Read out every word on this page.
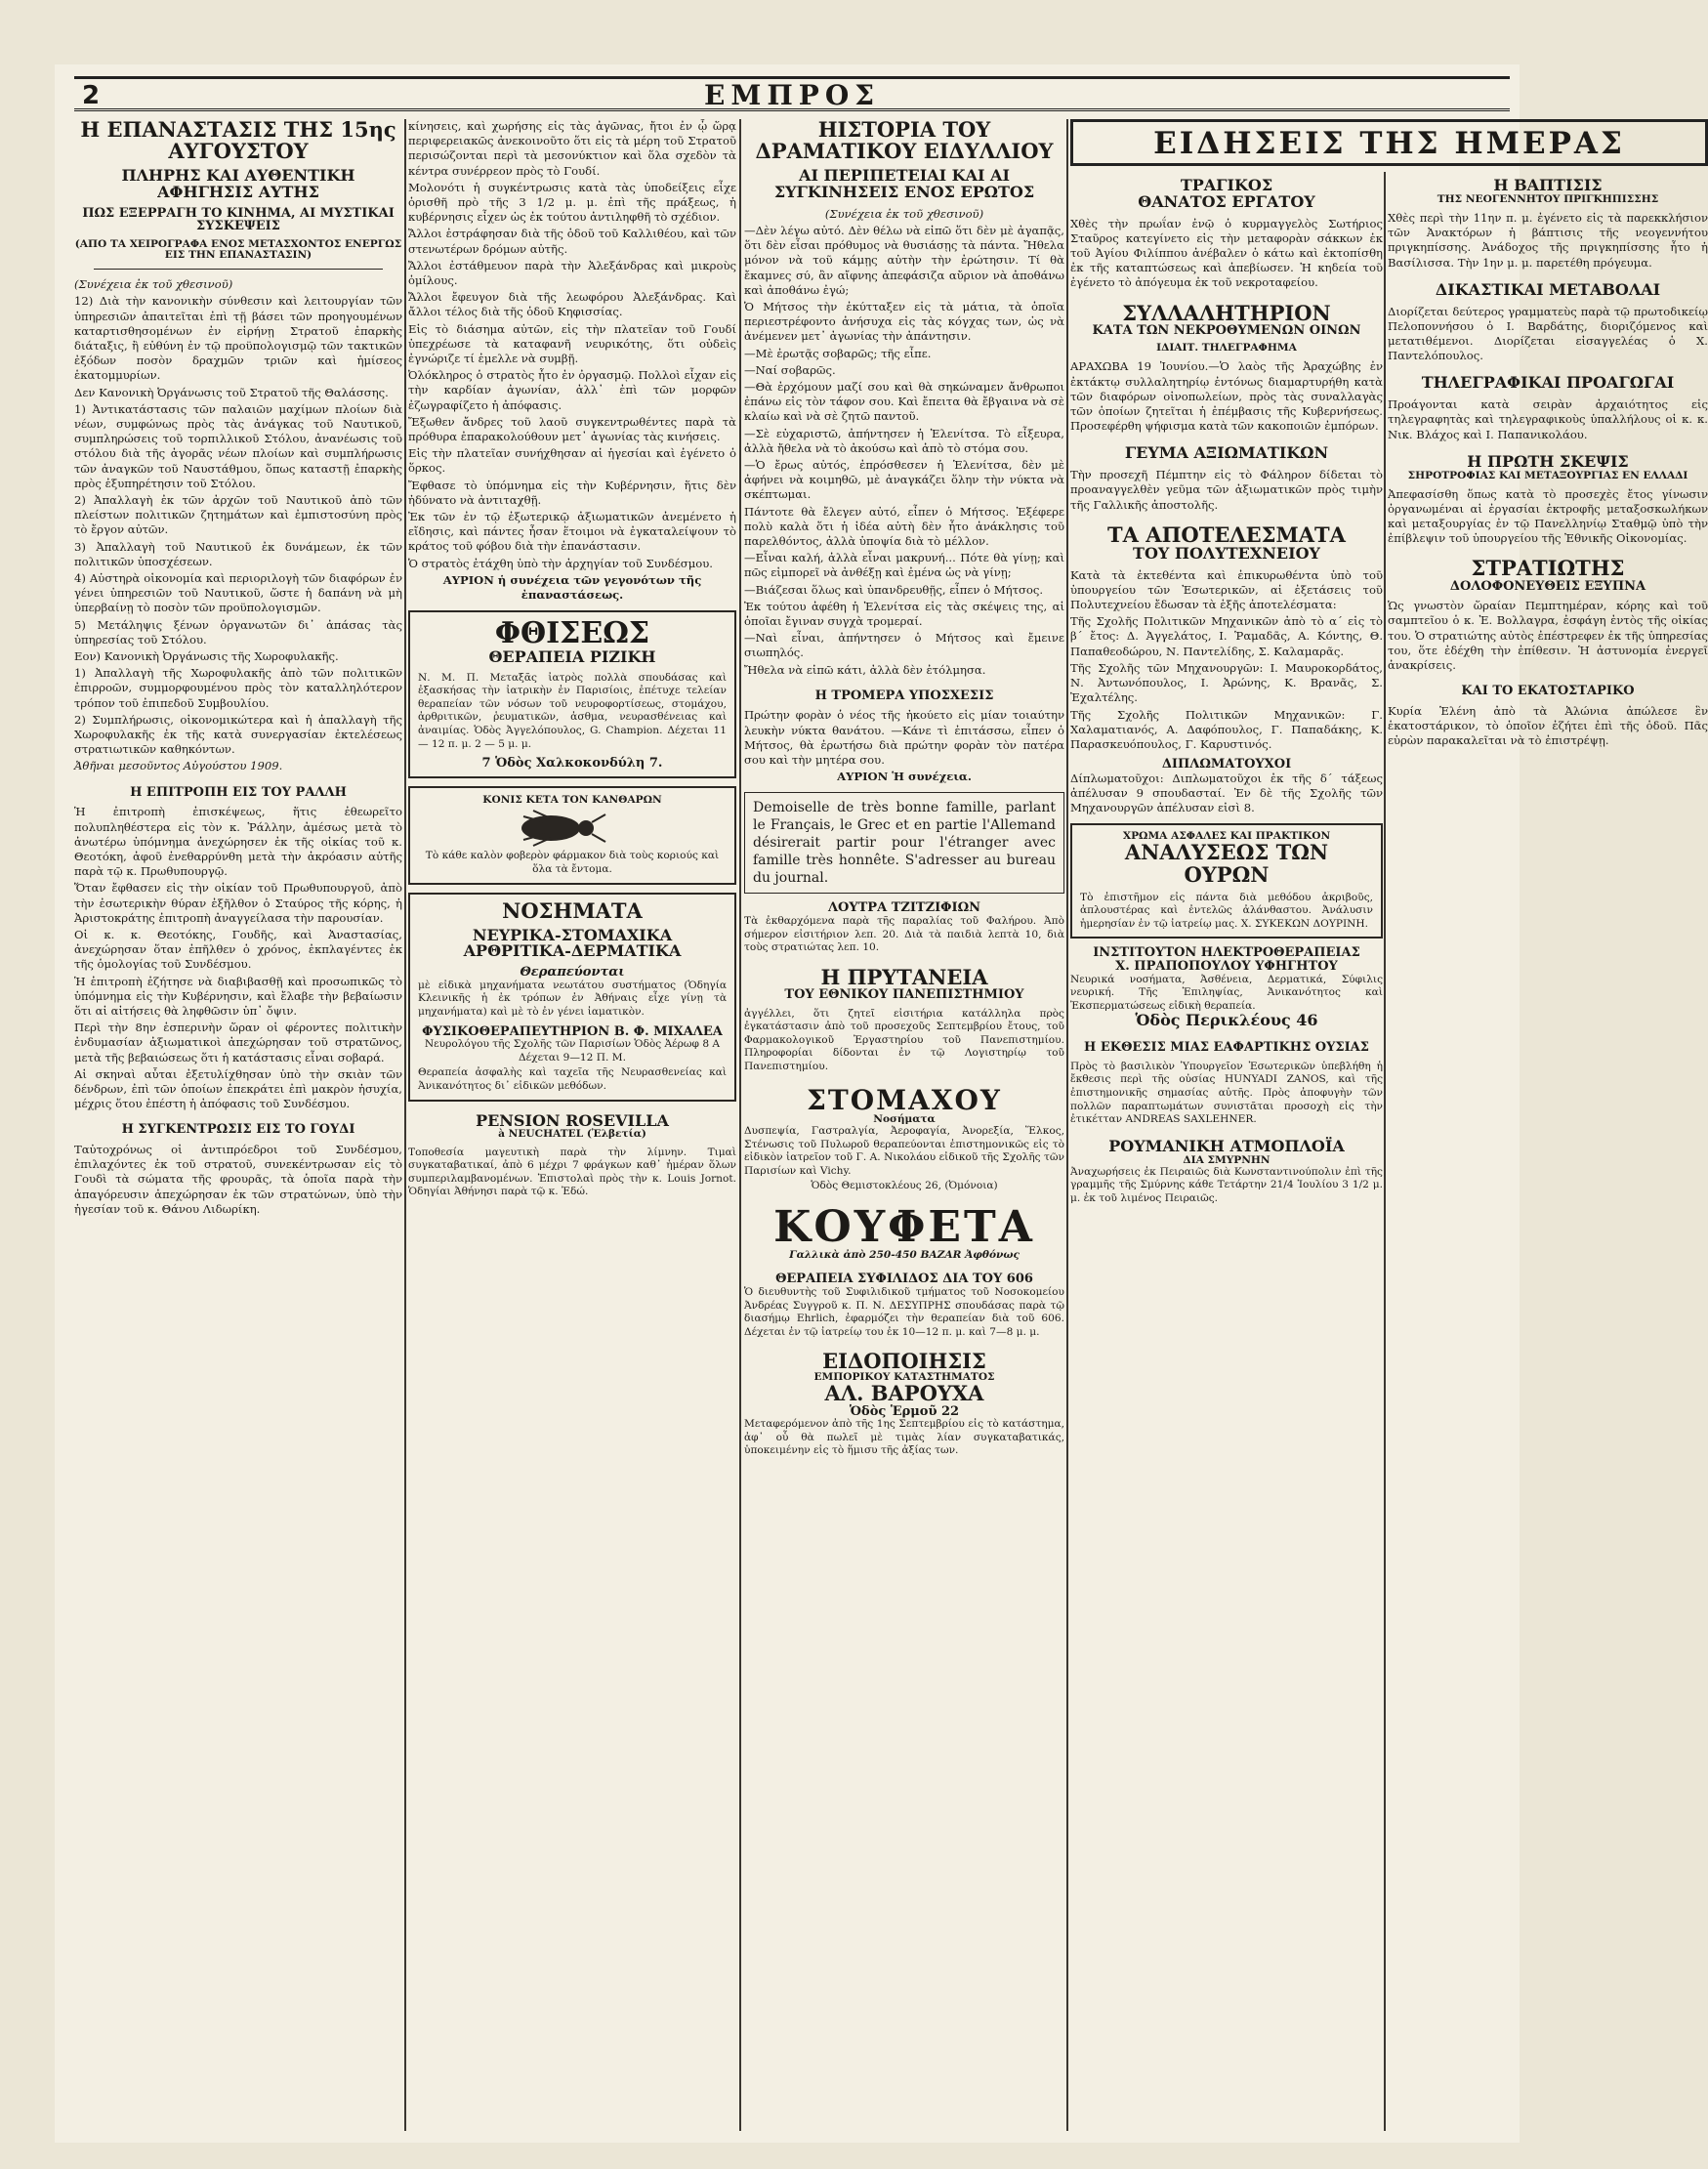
2	ΕΜΠΡΟΣ
Η ΕΠΑΝΑΣΤΑΣΙΣ ΤΗΣ 15ης ΑΥΓΟΥΣΤΟΥ
ΠΛΗΡΗΣ ΚΑΙ ΑΥΘΕΝΤΙΚΗ ΑΦΗΓΗΣΙΣ ΑΥΤΗΣ
ΠΩΣ ΕΞΕΡΡΑΓΗ ΤΟ ΚΙΝΗΜΑ, ΑΙ ΜΥΣΤΙΚΑΙ ΣΥΣΚΕΨΕΙΣ
(ΑΠΟ ΤΑ ΧΕΙΡΟΓΡΑΦΑ ΕΝΟΣ ΜΕΤΑΣΧΟΝΤΟΣ ΕΝΕΡΓΩΣ ΕΙΣ ΤΗΝ ΕΠΑΝΑΣΤΑΣΙΝ)
(Συνέχεια ἐκ τοῦ χθεσινοῦ)
12) Διὰ τὴν κανονικὴν σύνθεσιν καὶ λειτουργίαν τῶν ὑπηρεσιῶν ἀπαιτεῖται ἐπὶ τῇ βάσει τῶν προηγουμένων καταρτισθησομένων ἐν εἰρήνῃ Στρατοῦ ἐπαρκὴς διάταξις, ἢ εὐθύνη ἐν τῷ προϋπολογισμῷ τῶν τακτικῶν ἐξόδων ποσὸν δραχμῶν τριῶν καὶ ἡμίσεος ἑκατομμυρίων.
Δεν Κανονικὴ Ὀργάνωσις τοῦ Στρατοῦ τῆς Θαλάσσης.
1) Ἀντικατάστασις τῶν παλαιῶν μαχίμων πλοίων διὰ νέων, συμφώνως πρὸς τὰς ἀνάγκας τοῦ Ναυτικοῦ, συμπληρώσεις τοῦ τορπιλλικοῦ Στόλου, ἀνανέωσις τοῦ στόλου διὰ τῆς ἀγορᾶς νέων πλοίων καὶ συμπλήρωσις τῶν ἀναγκῶν τοῦ Ναυστάθμου, ὅπως καταστῇ ἐπαρκὴς πρὸς ἐξυπηρέτησιν τοῦ Στόλου.
2) Ἀπαλλαγὴ ἐκ τῶν ἀρχῶν τοῦ Ναυτικοῦ ἀπὸ τῶν πλείστων πολιτικῶν ζητημάτων καὶ ἐμπιστοσύνη πρὸς τὸ ἔργον αὐτῶν.
3) Ἀπαλλαγὴ τοῦ Ναυτικοῦ ἐκ δυνάμεων, ἐκ τῶν πολιτικῶν ὑποσχέσεων.
4) Αὐστηρὰ οἰκονομία καὶ περιοριλογὴ τῶν διαφόρων ἐν γένει ὑπηρεσιῶν τοῦ Ναυτικοῦ, ὥστε ἡ δαπάνη νὰ μὴ ὑπερβαίνῃ τὸ ποσὸν τῶν προϋπολογισμῶν.
5) Μετάληψις ξένων ὀργανωτῶν δι᾽ ἀπάσας τὰς ὑπηρεσίας τοῦ Στόλου.
Εον) Κανονικὴ Ὀργάνωσις τῆς Χωροφυλακῆς.
1) Ἀπαλλαγὴ τῆς Χωροφυλακῆς ἀπὸ τῶν πολιτικῶν ἐπιρροῶν, συμμορφουμένου πρὸς τὸν καταλληλότερον τρόπον τοῦ ἐπιπεδοῦ Συμβουλίου.
2) Συμπλήρωσις, οἰκονομικώτερα καὶ ἡ ἀπαλλαγὴ τῆς Χωροφυλακῆς ἐκ τῆς κατὰ συνεργασίαν ἐκτελέσεως στρατιωτικῶν καθηκόντων.
Ἀθῆναι μεσοῦντος Αὐγούστου 1909.
Η ΕΠΙΤΡΟΠΗ ΕΙΣ ΤΟΥ ΡΑΛΛΗ
Ἡ ἐπιτροπὴ ἐπισκέψεως, ἥτις ἐθεωρεῖτο πολυπληθέστερα εἰς τὸν κ. Ῥάλλην, ἀμέσως μετὰ τὸ ἀνωτέρω ὑπόμνημα ἀνεχώρησεν ἐκ τῆς οἰκίας τοῦ κ. Θεοτόκη, ἀφοῦ ἐνεθαρρύνθη μετὰ τὴν ἀκρόασιν αὐτῆς παρὰ τῷ κ. Πρωθυπουργῷ.
Ὅταν ἔφθασεν εἰς τὴν οἰκίαν τοῦ Πρωθυπουργοῦ, ἀπὸ τὴν ἐσωτερικὴν θύραν ἐξῆλθον ὁ Σταύρος τῆς κόρης, ἡ Ἀριστοκράτης ἐπιτροπὴ ἀναγγείλασα τὴν παρουσίαν.
Οἱ κ. κ. Θεοτόκης, Γουδῆς, καὶ Ἀναστασίας, ἀνεχώρησαν ὅταν ἐπῆλθεν ὁ χρόνος, ἐκπλαγέντες ἐκ τῆς ὁμολογίας τοῦ Συνδέσμου.
Ἡ ἐπιτροπὴ ἐζήτησε νὰ διαβιβασθῇ καὶ προσωπικῶς τὸ ὑπόμνημα εἰς τὴν Κυβέρνησιν, καὶ ἔλαβε τὴν βεβαίωσιν ὅτι αἱ αἰτήσεις θὰ ληφθῶσιν ὑπ᾽ ὄψιν.
Περὶ τὴν 8ην ἑσπερινὴν ὥραν οἱ φέροντες πολιτικὴν ἐνδυμασίαν ἀξιωματικοὶ ἀπεχώρησαν τοῦ στρατῶνος, μετὰ τῆς βεβαιώσεως ὅτι ἡ κατάστασις εἶναι σοβαρά.
Αἱ σκηναὶ αὗται ἐξετυλίχθησαν ὑπὸ τὴν σκιὰν τῶν δένδρων, ἐπὶ τῶν ὁποίων ἐπεκράτει ἐπὶ μακρὸν ἡσυχία, μέχρις ὅτου ἐπέστη ἡ ἀπόφασις τοῦ Συνδέσμου.
Η ΣΥΓΚΕΝΤΡΩΣΙΣ ΕΙΣ ΤΟ ΓΟΥΔΙ
Ταὐτοχρόνως οἱ ἀντιπρόεδροι τοῦ Συνδέσμου, ἐπιλαχόντες ἐκ τοῦ στρατοῦ, συνεκέντρωσαν εἰς τὸ Γουδὶ τὰ σώματα τῆς φρουρᾶς, τὰ ὁποῖα παρὰ τὴν ἀπαγόρευσιν ἀπεχώρησαν ἐκ τῶν στρατώνων, ὑπὸ τὴν ἡγεσίαν τοῦ κ. Θάνου Λιδωρίκη.
κίνησεις, καὶ χωρήσης εἰς τὰς ἀγῶνας, ἤτοι ἐν ᾧ ὥρᾳ περιφερειακῶς ἀνεκοινοῦτο ὅτι εἰς τὰ μέρη τοῦ Στρατοῦ περισώζονται περὶ τὰ μεσονύκτιον καὶ ὅλα σχεδὸν τὰ κέντρα συνέρρεον πρὸς τὸ Γουδί.
Μολονότι ἡ συγκέντρωσις κατὰ τὰς ὑποδείξεις εἶχε ὁρισθῆ πρὸ τῆς 3 1/2 μ. μ. ἐπὶ τῆς πράξεως, ἡ κυβέρνησις εἶχεν ὡς ἐκ τούτου ἀντιληφθῆ τὸ σχέδιον.
Ἄλλοι ἐστράφησαν διὰ τῆς ὁδοῦ τοῦ Καλλιθέου, καὶ τῶν στενωτέρων δρόμων αὐτῆς.
Ἄλλοι ἐστάθμευον παρὰ τὴν Ἀλεξάνδρας καὶ μικροὺς ὁμίλους.
Ἄλλοι ἔφευγον διὰ τῆς λεωφόρου Ἀλεξάνδρας. Καὶ ἄλλοι τέλος διὰ τῆς ὁδοῦ Κηφισσίας.
Εἰς τὸ διάσημα αὐτῶν, εἰς τὴν πλατεῖαν τοῦ Γουδί ὑπεχρέωσε τὰ καταφανῆ νευρικότης, ὅτι οὐδεὶς ἐγνώριζε τί ἐμελλε νὰ συμβῇ.
Ὀλόκληρος ὁ στρατὸς ἦτο ἐν ὀργασμῷ. Πολλοὶ εἶχαν εἰς τὴν καρδίαν ἀγωνίαν, ἀλλ᾽ ἐπὶ τῶν μορφῶν ἐζωγραφίζετο ἡ ἀπόφασις.
Ἔξωθεν ἄνδρες τοῦ λαοῦ συγκεντρωθέντες παρὰ τὰ πρόθυρα ἐπαρακολούθουν μετ᾽ ἀγωνίας τὰς κινήσεις.
Εἰς τὴν πλατεῖαν συνήχθησαν αἱ ἡγεσίαι καὶ ἐγένετο ὁ ὅρκος.
Ἔφθασε τὸ ὑπόμνημα εἰς τὴν Κυβέρνησιν, ἥτις δὲν ἠδύνατο νὰ ἀντιταχθῇ.
Ἐκ τῶν ἐν τῷ ἐξωτερικῷ ἀξιωματικῶν ἀνεμένετο ἡ εἴδησις, καὶ πάντες ἦσαν ἕτοιμοι νὰ ἐγκαταλείψουν τὸ κράτος τοῦ φόβου διὰ τὴν ἐπανάστασιν.
Ὁ στρατὸς ἐτάχθη ὑπὸ τὴν ἀρχηγίαν τοῦ Συνδέσμου.
ΑΥΡΙΟΝ ἡ συνέχεια τῶν γεγονότων τῆς ἐπαναστάσεως.
ΦΘΙΣΕΩΣ
ΘΕΡΑΠΕΙΑ ΡΙΖΙΚΗ
Ν. Μ. Π. Μεταξᾶς ἰατρὸς πολλὰ σπουδάσας καὶ ἐξασκήσας τὴν ἰατρικὴν ἐν Παρισίοις, ἐπέτυχε τελείαν θεραπείαν τῶν νόσων τοῦ νευροφορτίσεως, στομάχου, ἀρθριτικῶν, ῥευματικῶν, ἀσθμα, νευρασθένειας καὶ ἀναιμίας. Ὁδὸς Ἀγγελόπουλος, G. Champion. Δέχεται 11 — 12 π. μ. 2 — 5 μ. μ.
7 Ὁδὸς Χαλκοκονδύλη 7.
ΚΟΝΙΣ ΚΕΤΑ ΤΟΝ ΚΑΝΘΑΡΩΝ
Τὸ κάθε καλὸν φοβερὸν φάρμακον διὰ τοὺς κοριούς καὶ ὅλα τὰ ἔντομα.
ΝΟΣΗΜΑΤΑ
ΝΕΥΡΙΚΑ-ΣΤΟΜΑΧΙΚΑ
ΑΡΘΡΙΤΙΚΑ-ΔΕΡΜΑΤΙΚΑ
Θεραπεύονται
μὲ εἰδικὰ μηχανήματα νεωτάτου συστήματος (Ὁδηγία Κλεινικῆς ἡ ἐκ τρόπων ἐν Ἀθήναις εἶχε γίνῃ τὰ μηχανήματα) καὶ μὲ τὸ ἐν γένει ἰαματικὸν.
ΦΥΣΙΚΟΘΕΡΑΠΕΥΤΗΡΙΟΝ Β. Φ. ΜΙΧΑΛΕΑ
Νευρολόγου τῆς Σχολῆς τῶν Παρισίων Ὁδὸς Ἀέρωφ 8 Α Δέχεται 9—12 Π. Μ.
Θεραπεία ἀσφαλὴς καὶ ταχεῖα τῆς Νευρασθενείας καὶ Ἀνικανότητος δι᾽ εἰδικῶν μεθόδων.
PENSION ROSEVILLA
à NEUCHATEL (Ἐλβετία)
Τοποθεσία μαγευτικὴ παρὰ τὴν λίμνην. Τιμαὶ συγκαταβατικαί, ἀπὸ 6 μέχρι 7 φράγκων καθ᾽ ἡμέραν ὅλων συμπεριλαμβανομένων. Ἐπιστολαὶ πρὸς τὴν κ. Louis Jornot. Ὁδηγίαι Ἀθήνησι παρὰ τῷ κ. Ἐδώ.
ΗΙΣΤΟΡΙΑ ΤΟΥ ΔΡΑΜΑΤΙΚΟΥ ΕΙΔΥΛΛΙΟΥ
ΑΙ ΠΕΡΙΠΕΤΕΙΑΙ ΚΑΙ ΑΙ ΣΥΓΚΙΝΗΣΕΙΣ ΕΝΟΣ ΕΡΩΤΟΣ
(Συνέχεια ἐκ τοῦ χθεσινοῦ)
—Δὲν λέγω αὐτό. Δὲν θέλω νὰ εἰπῶ ὅτι δὲν μὲ ἀγαπᾷς, ὅτι δὲν εἶσαι πρόθυμος νὰ θυσιάσῃς τὰ πάντα. Ἤθελα μόνον νὰ τοῦ κάμῃς αὐτὴν τὴν ἐρώτησιν. Τί θὰ ἔκαμνες σύ, ἂν αἴφνης ἀπεφάσιζα αὔριον νὰ ἀποθάνω καὶ ἀποθάνω ἐγώ;
Ὁ Μήτσος τὴν ἐκύτταξεν εἰς τὰ μάτια, τὰ ὁποῖα περιεστρέφοντο ἀνήσυχα εἰς τὰς κόγχας των, ὡς νὰ ἀνέμενεν μετ᾽ ἀγωνίας τὴν ἀπάντησιν.
—Μὲ ἐρωτᾷς σοβαρῶς; τῆς εἶπε.
—Ναί σοβαρῶς.
—Θὰ ἐρχόμουν μαζί σου καὶ θὰ σηκώναμεν ἄνθρωποι ἐπάνω εἰς τὸν τάφον σου. Καὶ ἔπειτα θὰ ἔβγαινα νὰ σὲ κλαίω καὶ νὰ σὲ ζητῶ παντοῦ.
—Σὲ εὐχαριστῶ, ἀπήντησεν ἡ Ἑλενίτσα. Τὸ εἶξευρα, ἀλλὰ ἤθελα νὰ τὸ ἀκούσω καὶ ἀπὸ τὸ στόμα σου.
—Ὁ ἔρως αὐτός, ἐπρόσθεσεν ἡ Ἑλενίτσα, δὲν μὲ ἀφήνει νὰ κοιμηθῶ, μὲ ἀναγκάζει ὅλην τὴν νύκτα νὰ σκέπτωμαι.
Πάντοτε θὰ ἔλεγεν αὐτό, εἶπεν ὁ Μήτσος. Ἐξέφερε πολὺ καλὰ ὅτι ἡ ἰδέα αὐτὴ δὲν ἦτο ἀνάκλησις τοῦ παρελθόντος, ἀλλὰ ὑποψία διὰ τὸ μέλλον.
—Εἶναι καλή, ἀλλὰ εἶναι μακρυνή... Πότε θὰ γίνῃ; καὶ πῶς εἰμπορεῖ νὰ ἀνθέξῃ καὶ ἐμένα ὡς νὰ γίνῃ;
—Βιάζεσαι ὅλως καὶ ὑπανδρευθῇς, εἶπεν ὁ Μήτσος.
Ἐκ τούτου ἀφέθη ἡ Ἑλενίτσα εἰς τὰς σκέψεις της, αἱ ὁποῖαι ἔγιναν συγχὰ τρομεραί.
—Ναὶ εἶναι, ἀπήντησεν ὁ Μήτσος καὶ ἔμεινε σιωπηλός.
Ἤθελα νὰ εἰπῶ κάτι, ἀλλὰ δὲν ἐτόλμησα.
Η ΤΡΟΜΕΡΑ ΥΠΟΣΧΕΣΙΣ
Πρώτην φορὰν ὁ νέος τῆς ἠκούετο εἰς μίαν τοιαύτην λευκὴν νύκτα θανάτου. —Κάνε τὶ ἐπιτάσσω, εἶπεν ὁ Μήτσος, θὰ ἐρωτήσω διὰ πρώτην φορὰν τὸν πατέρα σου καὶ τὴν μητέρα σου.
ΑΥΡΙΟΝ Ἡ συνέχεια.
Demoiselle de très bonne famille, parlant le Français, le Grec et en partie l'Allemand désirerait partir pour l'étranger avec famille très honnête. S'adresser au bureau du journal.
ΛΟΥΤΡΑ ΤΖΙΤΖΙΦΙΩΝ
Τὰ ἐκθαρχόμενα παρὰ τῆς παραλίας τοῦ Φαλήρου. Ἀπὸ σήμερον εἰσιτήριον λεπ. 20. Διὰ τὰ παιδιὰ λεπτὰ 10, διὰ τοὺς στρατιώτας λεπ. 10.
Η ΠΡΥΤΑΝΕΙΑ
ΤΟΥ ΕΘΝΙΚΟΥ ΠΑΝΕΠΙΣΤΗΜΙΟΥ
ἀγγέλλει, ὅτι ζητεῖ εἰσιτήρια κατάλληλα πρὸς ἐγκατάστασιν ἀπὸ τοῦ προσεχοῦς Σεπτεμβρίου ἔτους, τοῦ Φαρμακολογικοῦ Ἐργαστηρίου τοῦ Πανεπιστημίου. Πληροφορίαι δίδονται ἐν τῷ Λογιστηρίῳ τοῦ Πανεπιστημίου.
ΣΤΟΜΑΧΟΥ
Νοσήματα
Δυσπεψία, Γαστραλγία, Ἀεροφαγία, Ἀνορεξία, Ἕλκος, Στένωσις τοῦ Πυλωροῦ θεραπεύονται ἐπιστημονικῶς εἰς τὸ εἰδικὸν ἰατρεῖον τοῦ Γ. Α. Νικολάου εἰδικοῦ τῆς Σχολῆς τῶν Παρισίων καὶ Vichy.
Ὁδὸς Θεμιστοκλέους 26, (Ὀμόνοια)
ΚΟΥΦΕΤΑ
Γαλλικὰ ἀπὸ 250-450 BAZAR Ἀφθόνως
ΘΕΡΑΠΕΙΑ ΣΥΦΙΛΙΔΟΣ ΔΙΑ ΤΟΥ 606
Ὁ διευθυντὴς τοῦ Συφιλιδικοῦ τμήματος τοῦ Νοσοκομείου Ἀνδρέας Συγγροῦ κ. Π. Ν. ΔΕΣΥΠΡΗΣ σπουδάσας παρὰ τῷ διασήμῳ Ehrlich, ἐφαρμόζει τὴν θεραπείαν διὰ τοῦ 606. Δέχεται ἐν τῷ ἰατρείῳ του ἐκ 10—12 π. μ. καὶ 7—8 μ. μ.
ΕΙΔΟΠΟΙΗΣΙΣ
ΕΜΠΟΡΙΚΟΥ ΚΑΤΑΣΤΗΜΑΤΟΣ
ΑΛ. ΒΑΡΟΥΧΑ
Ὁδὸς Ἑρμοῦ 22
Μεταφερόμενον ἀπὸ τῆς 1ης Σεπτεμβρίου εἰς τὸ κατάστημα, ἀφ᾽ οὗ θὰ πωλεῖ μὲ τιμὰς λίαν συγκαταβατικάς, ὑποκειμένην εἰς τὸ ἥμισυ τῆς ἀξίας των.
ΕΙΔΗΣΕΙΣ ΤΗΣ ΗΜΕΡΑΣ
ΤΡΑΓΙΚΟΣ
ΘΑΝΑΤΟΣ ΕΡΓΑΤΟΥ
Χθὲς τὴν πρωΐαν ἐνῷ ὁ κυρμαγγελὸς Σωτήριος Σταῦρος κατεγίνετο εἰς τὴν μεταφορὰν σάκκων ἐκ τοῦ Ἀγίου Φιλίππου ἀνέβαλεν ὁ κάτω καὶ ἐκτοπίσθη ἐκ τῆς καταπτώσεως καὶ ἀπεβίωσεν. Ἡ κηδεία τοῦ ἐγένετο τὸ ἀπόγευμα ἐκ τοῦ νεκροταφείου.
ΣΥΛΛΑΛΗΤΗΡΙΟΝ
ΚΑΤΑ ΤΩΝ ΝΕΚΡΟΘΥΜΕΝΩΝ ΟΙΝΩΝ
ΙΔΙΑΙΤ. ΤΗΛΕΓΡΑΦΗΜΑ
ΑΡΑΧΩΒΑ 19 Ἰουνίου.—Ὁ λαὸς τῆς Ἀραχώβης ἐν ἐκτάκτῳ συλλαλητηρίῳ ἐντόνως διαμαρτυρήθη κατὰ τῶν διαφόρων οἰνοπωλείων, πρὸς τὰς συναλλαγὰς τῶν ὁποίων ζητεῖται ἡ ἐπέμβασις τῆς Κυβερνήσεως. Προσεφέρθη ψήφισμα κατὰ τῶν κακοποιῶν ἐμπόρων.
ΓΕΥΜΑ ΑΞΙΩΜΑΤΙΚΩΝ
Τὴν προσεχῆ Πέμπτην εἰς τὸ Φάληρον δίδεται τὸ προαναγγελθὲν γεῦμα τῶν ἀξιωματικῶν πρὸς τιμὴν τῆς Γαλλικῆς ἀποστολῆς.
ΤΑ ΑΠΟΤΕΛΕΣΜΑΤΑ
ΤΟΥ ΠΟΛΥΤΕΧΝΕΙΟΥ
Κατὰ τὰ ἐκτεθέντα καὶ ἐπικυρωθέντα ὑπὸ τοῦ ὑπουργείου τῶν Ἐσωτερικῶν, αἱ ἐξετάσεις τοῦ Πολυτεχνείου ἔδωσαν τὰ ἑξῆς ἀποτελέσματα:
Τῆς Σχολῆς Πολιτικῶν Μηχανικῶν ἀπὸ τὸ α΄ εἰς τὸ β΄ ἔτος: Δ. Ἀγγελάτος, Ι. Ῥαμαδᾶς, Α. Κόντης, Θ. Παπαθεοδώρου, Ν. Παντελίδης, Σ. Καλαμαρᾶς.
Τῆς Σχολῆς τῶν Μηχανουργῶν: Ι. Μαυροκορδάτος, Ν. Ἀντωνόπουλος, Ι. Ἀρώνης, Κ. Βρανᾶς, Σ. Ἐχαλτέλης.
Τῆς Σχολῆς Πολιτικῶν Μηχανικῶν: Γ. Χαλαματιανός, Α. Δαφόπουλος, Γ. Παπαδάκης, Κ. Παρασκευόπουλος, Γ. Καρυστινός.
ΔΙΠΛΩΜΑΤΟΥΧΟΙ
Δίπλωματοῦχοι: Διπλωματοῦχοι ἐκ τῆς δ΄ τάξεως ἀπέλυσαν 9 σπουδασταί. Ἐν δὲ τῆς Σχολῆς τῶν Μηχανουργῶν ἀπέλυσαν εἰσὶ 8.
ΧΡΩΜΑ ΑΣΦΑΛΕΣ ΚΑΙ ΠΡΑΚΤΙΚΟΝ
ΑΝΑΛΥΣΕΩΣ ΤΩΝ ΟΥΡΩΝ
Τὸ ἐπιστῆμον εἰς πάντα διὰ μεθόδου ἀκριβοῦς, ἀπλουστέρας καὶ ἐντελῶς ἀλάνθαστου. Ἀνάλυσιν ἡμερησίαν ἐν τῷ ἰατρείῳ μας. Χ. ΣΥΚΕΚΩΝ ΔΟΥΡΙΝΗ.
ΙΝΣΤΙΤΟΥΤΟΝ ΗΛΕΚΤΡΟΘΕΡΑΠΕΙΑΣ
Χ. ΠΡΑΠΟΠΟΥΛΟΥ ΥΦΗΓΗΤΟΥ
Νευρικά νοσήματα, Ἀσθένεια, Δερματικά, Σύφιλις νευρική. Τῆς Ἐπιληψίας, Ἀνικανότητος καὶ Ἐκσπερματώσεως εἰδικὴ θεραπεία.
Ὁδὸς Περικλέους 46
Η ΕΚΘΕΣΙΣ ΜΙΑΣ ΕΑΦΑΡΤΙΚΗΣ ΟΥΣΙΑΣ
Πρὸς τὸ βασιλικὸν Ὑπουργεῖον Ἐσωτερικῶν ὑπεβλήθη ἡ ἔκθεσις περὶ τῆς οὐσίας HUNYADI ZANOS, καὶ τῆς ἐπιστημονικῆς σημασίας αὐτῆς. Πρὸς ἀποφυγὴν τῶν πολλῶν παραπτωμάτων συνιστᾶται προσοχὴ εἰς τὴν ἐτικέτταν ANDREAS SAXLEHNER.
ΡΟΥΜΑΝΙΚΗ ΑΤΜΟΠΛΟΪΑ
ΔΙΑ ΣΜΥΡΝΗΝ
Ἀναχωρήσεις ἐκ Πειραιῶς διὰ Κωνσταντινούπολιν ἐπὶ τῆς γραμμῆς τῆς Σμύρνης κάθε Τετάρτην 21/4 Ἰουλίου 3 1/2 μ. μ. ἐκ τοῦ λιμένος Πειραιῶς.
Η ΒΑΠΤΙΣΙΣ
ΤΗΣ ΝΕΟΓΕΝΝΗΤΟΥ ΠΡΙΓΚΗΠΙΣΣΗΣ
Χθὲς περὶ τὴν 11ην π. μ. ἐγένετο εἰς τὰ παρεκκλήσιον τῶν Ἀνακτόρων ἡ βάπτισις τῆς νεογεννήτου πριγκηπίσσης. Ἀνάδοχος τῆς πριγκηπίσσης ἦτο ἡ Βασίλισσα. Τὴν 1ην μ. μ. παρετέθη πρόγευμα.
ΔΙΚΑΣΤΙΚΑΙ ΜΕΤΑΒΟΛΑΙ
Διορίζεται δεύτερος γραμματεὺς παρὰ τῷ πρωτοδικείῳ Πελοποννήσου ὁ Ι. Βαρδάτης, διοριζόμενος καὶ μετατιθέμενοι. Διορίζεται εἰσαγγελέας ὁ Χ. Παντελόπουλος.
ΤΗΛΕΓΡΑΦΙΚΑΙ ΠΡΟΑΓΩΓΑΙ
Προάγονται κατὰ σειρὰν ἀρχαιότητος εἰς τηλεγραφητὰς καὶ τηλεγραφικοὺς ὑπαλλήλους οἱ κ. κ. Νικ. Βλάχος καὶ Ι. Παπανικολάου.
Η ΠΡΩΤΗ ΣΚΕΨΙΣ
ΣΗΡΟΤΡΟΦΙΑΣ ΚΑΙ ΜΕΤΑΞΟΥΡΓΙΑΣ ΕΝ ΕΛΛΑΔΙ
Ἀπεφασίσθη ὅπως κατὰ τὸ προσεχὲς ἔτος γίνωσιν ὀργανωμέναι αἱ ἐργασίαι ἐκτροφῆς μεταξοσκωλήκων καὶ μεταξουργίας ἐν τῷ Πανελληνίῳ Σταθμῷ ὑπὸ τὴν ἐπίβλεψιν τοῦ ὑπουργείου τῆς Ἐθνικῆς Οἰκονομίας.
ΣΤΡΑΤΙΩΤΗΣ
ΔΟΛΟΦΟΝΕΥΘΕΙΣ ΕΞΥΠΝΑ
Ὡς γνωστὸν ὥραίαν Πεμπτημέραν, κόρης καὶ τοῦ σαμπτεῖου ὁ κ. Ἐ. Βολλαγρα, ἐσφάγη ἐντὸς τῆς οἰκίας του. Ὁ στρατιώτης αὐτὸς ἐπέστρεφεν ἐκ τῆς ὑπηρεσίας του, ὅτε ἐδέχθη τὴν ἐπίθεσιν. Ἡ ἀστυνομία ἐνεργεῖ ἀνακρίσεις.
ΚΑΙ ΤΟ ΕΚΑΤΟΣΤΑΡΙΚΟ
Κυρία Ἑλένη ἀπὸ τὰ Ἀλώνια ἀπώλεσε ἓν ἑκατοστάρικον, τὸ ὁποῖον ἐζήτει ἐπὶ τῆς ὁδοῦ. Πᾶς εὑρὼν παρακαλεῖται νὰ τὸ ἐπιστρέψῃ.
